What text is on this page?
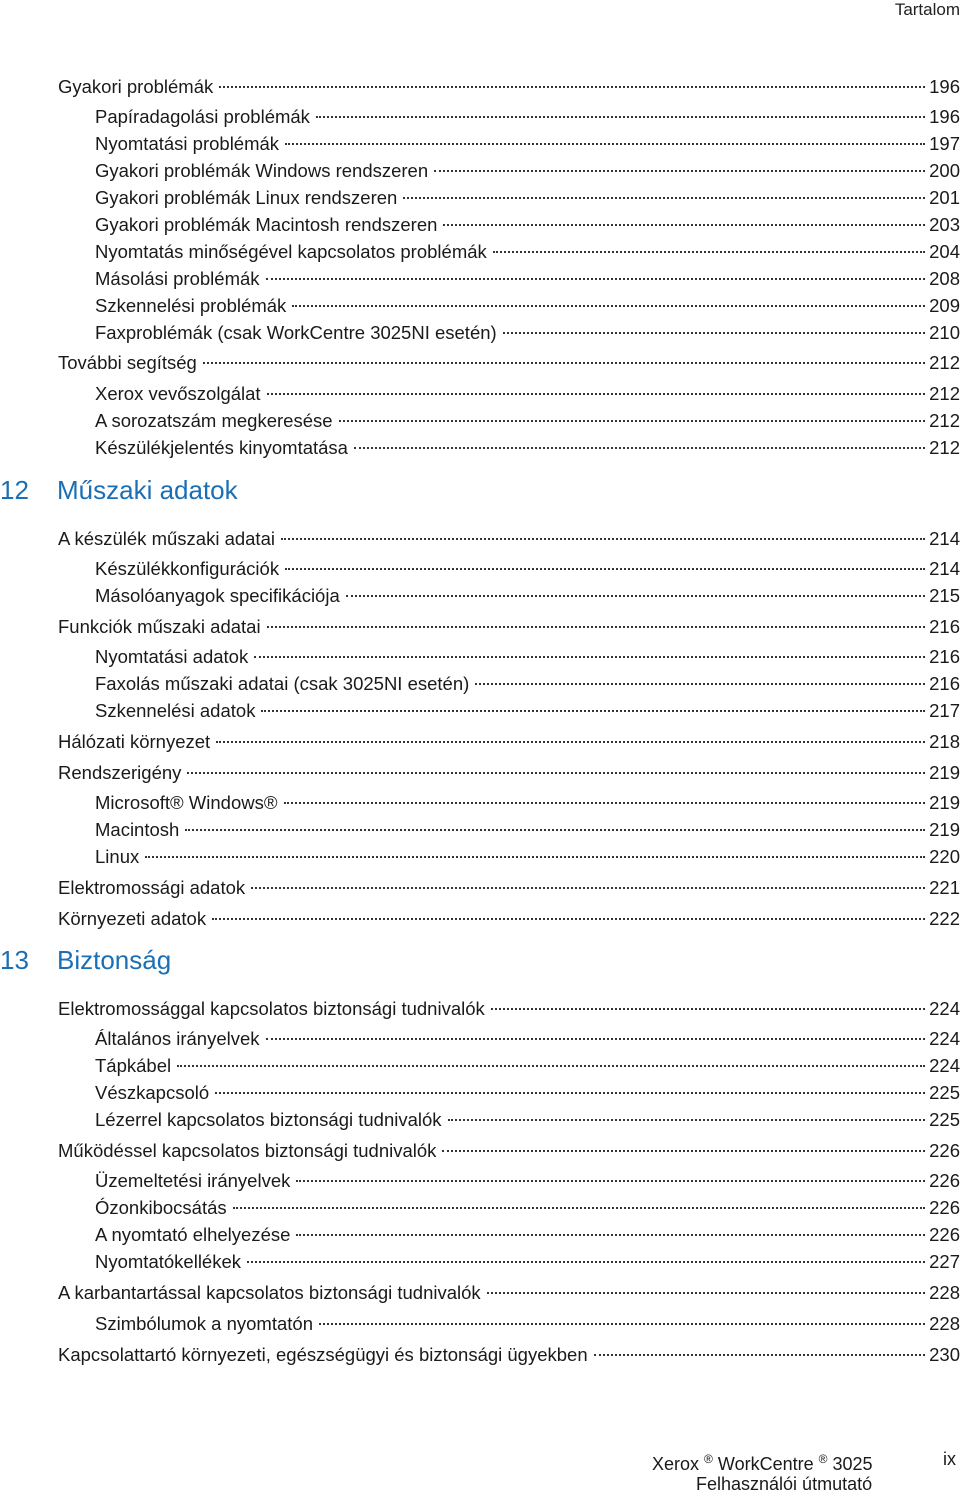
Tartalom
Gyakori problémák	196
Papíradagolási problémák	196
Nyomtatási problémák	197
Gyakori problémák Windows rendszeren	200
Gyakori problémák Linux rendszeren	201
Gyakori problémák Macintosh rendszeren	203
Nyomtatás minőségével kapcsolatos problémák	204
Másolási problémák	208
Szkennelési problémák	209
Faxproblémák (csak WorkCentre 3025NI esetén)	210
További segítség	212
Xerox vevőszolgálat	212
A sorozatszám megkeresése	212
Készülékjelentés kinyomtatása	212
12	Műszaki adatok
A készülék műszaki adatai	214
Készülékkonfigurációk	214
Másolóanyagok specifikációja	215
Funkciók műszaki adatai	216
Nyomtatási adatok	216
Faxolás műszaki adatai (csak 3025NI esetén)	216
Szkennelési adatok	217
Hálózati környezet	218
Rendszerigény	219
Microsoft® Windows®	219
Macintosh	219
Linux	220
Elektromossági adatok	221
Környezeti adatok	222
13	Biztonság
Elektromossággal kapcsolatos biztonsági tudnivalók	224
Általános irányelvek	224
Tápkábel	224
Vészkapcsoló	225
Lézerrel kapcsolatos biztonsági tudnivalók	225
Működéssel kapcsolatos biztonsági tudnivalók	226
Üzemeltetési irányelvek	226
Ózonkibocsátás	226
A nyomtató elhelyezése	226
Nyomtatókellékek	227
A karbantartással kapcsolatos biztonsági tudnivalók	228
Szimbólumok a nyomtatón	228
Kapcsolattartó környezeti, egészségügyi és biztonsági ügyekben	230
Xerox ® WorkCentre ® 3025
Felhasználói útmutató
ix
